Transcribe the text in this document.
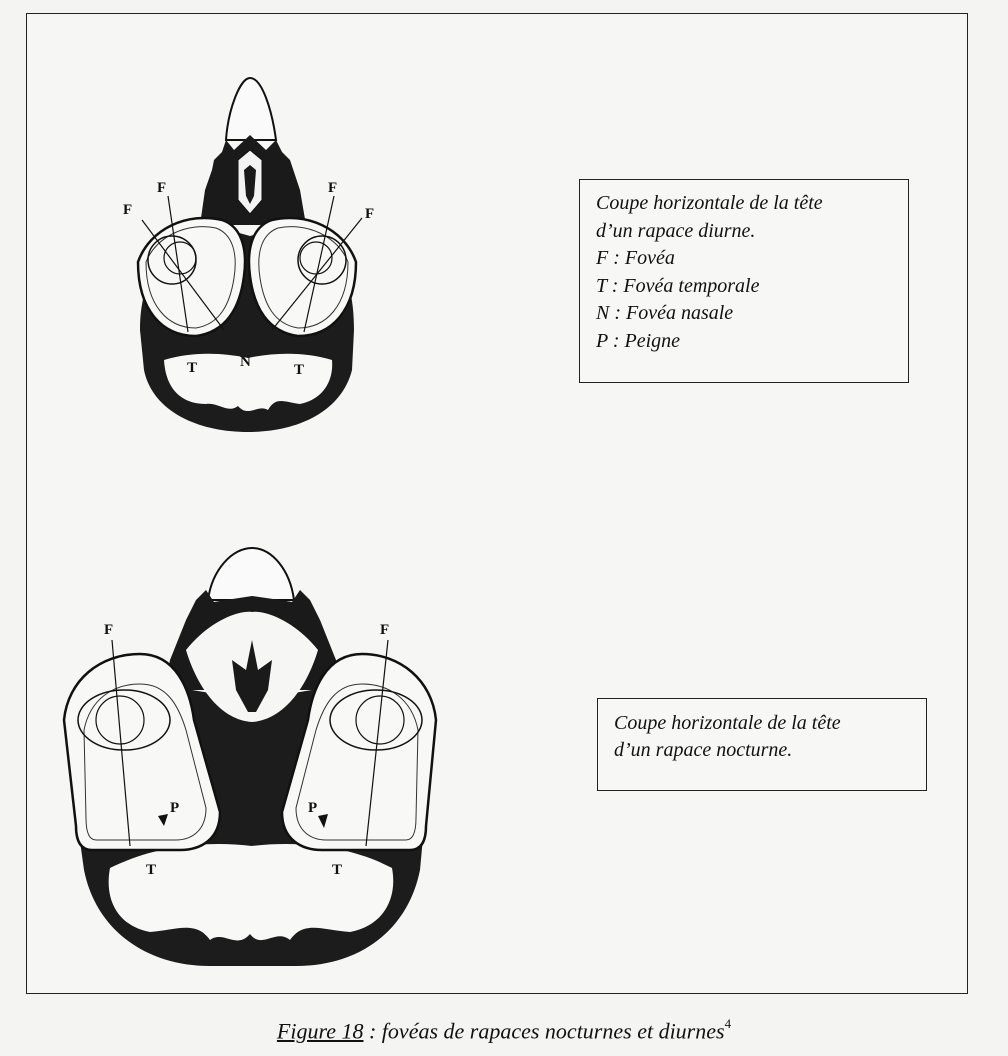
F
F
F
F
T	N	T
F	F
P	P
T	T
Coupe horizontale de la tête
d’un rapace diurne.
F : Fovéa
T : Fovéa temporale
N : Fovéa nasale
P : Peigne
Coupe horizontale de la tête
d’un rapace nocturne.
Figure 18 : fovéas de rapaces nocturnes et diurnes$^4$
